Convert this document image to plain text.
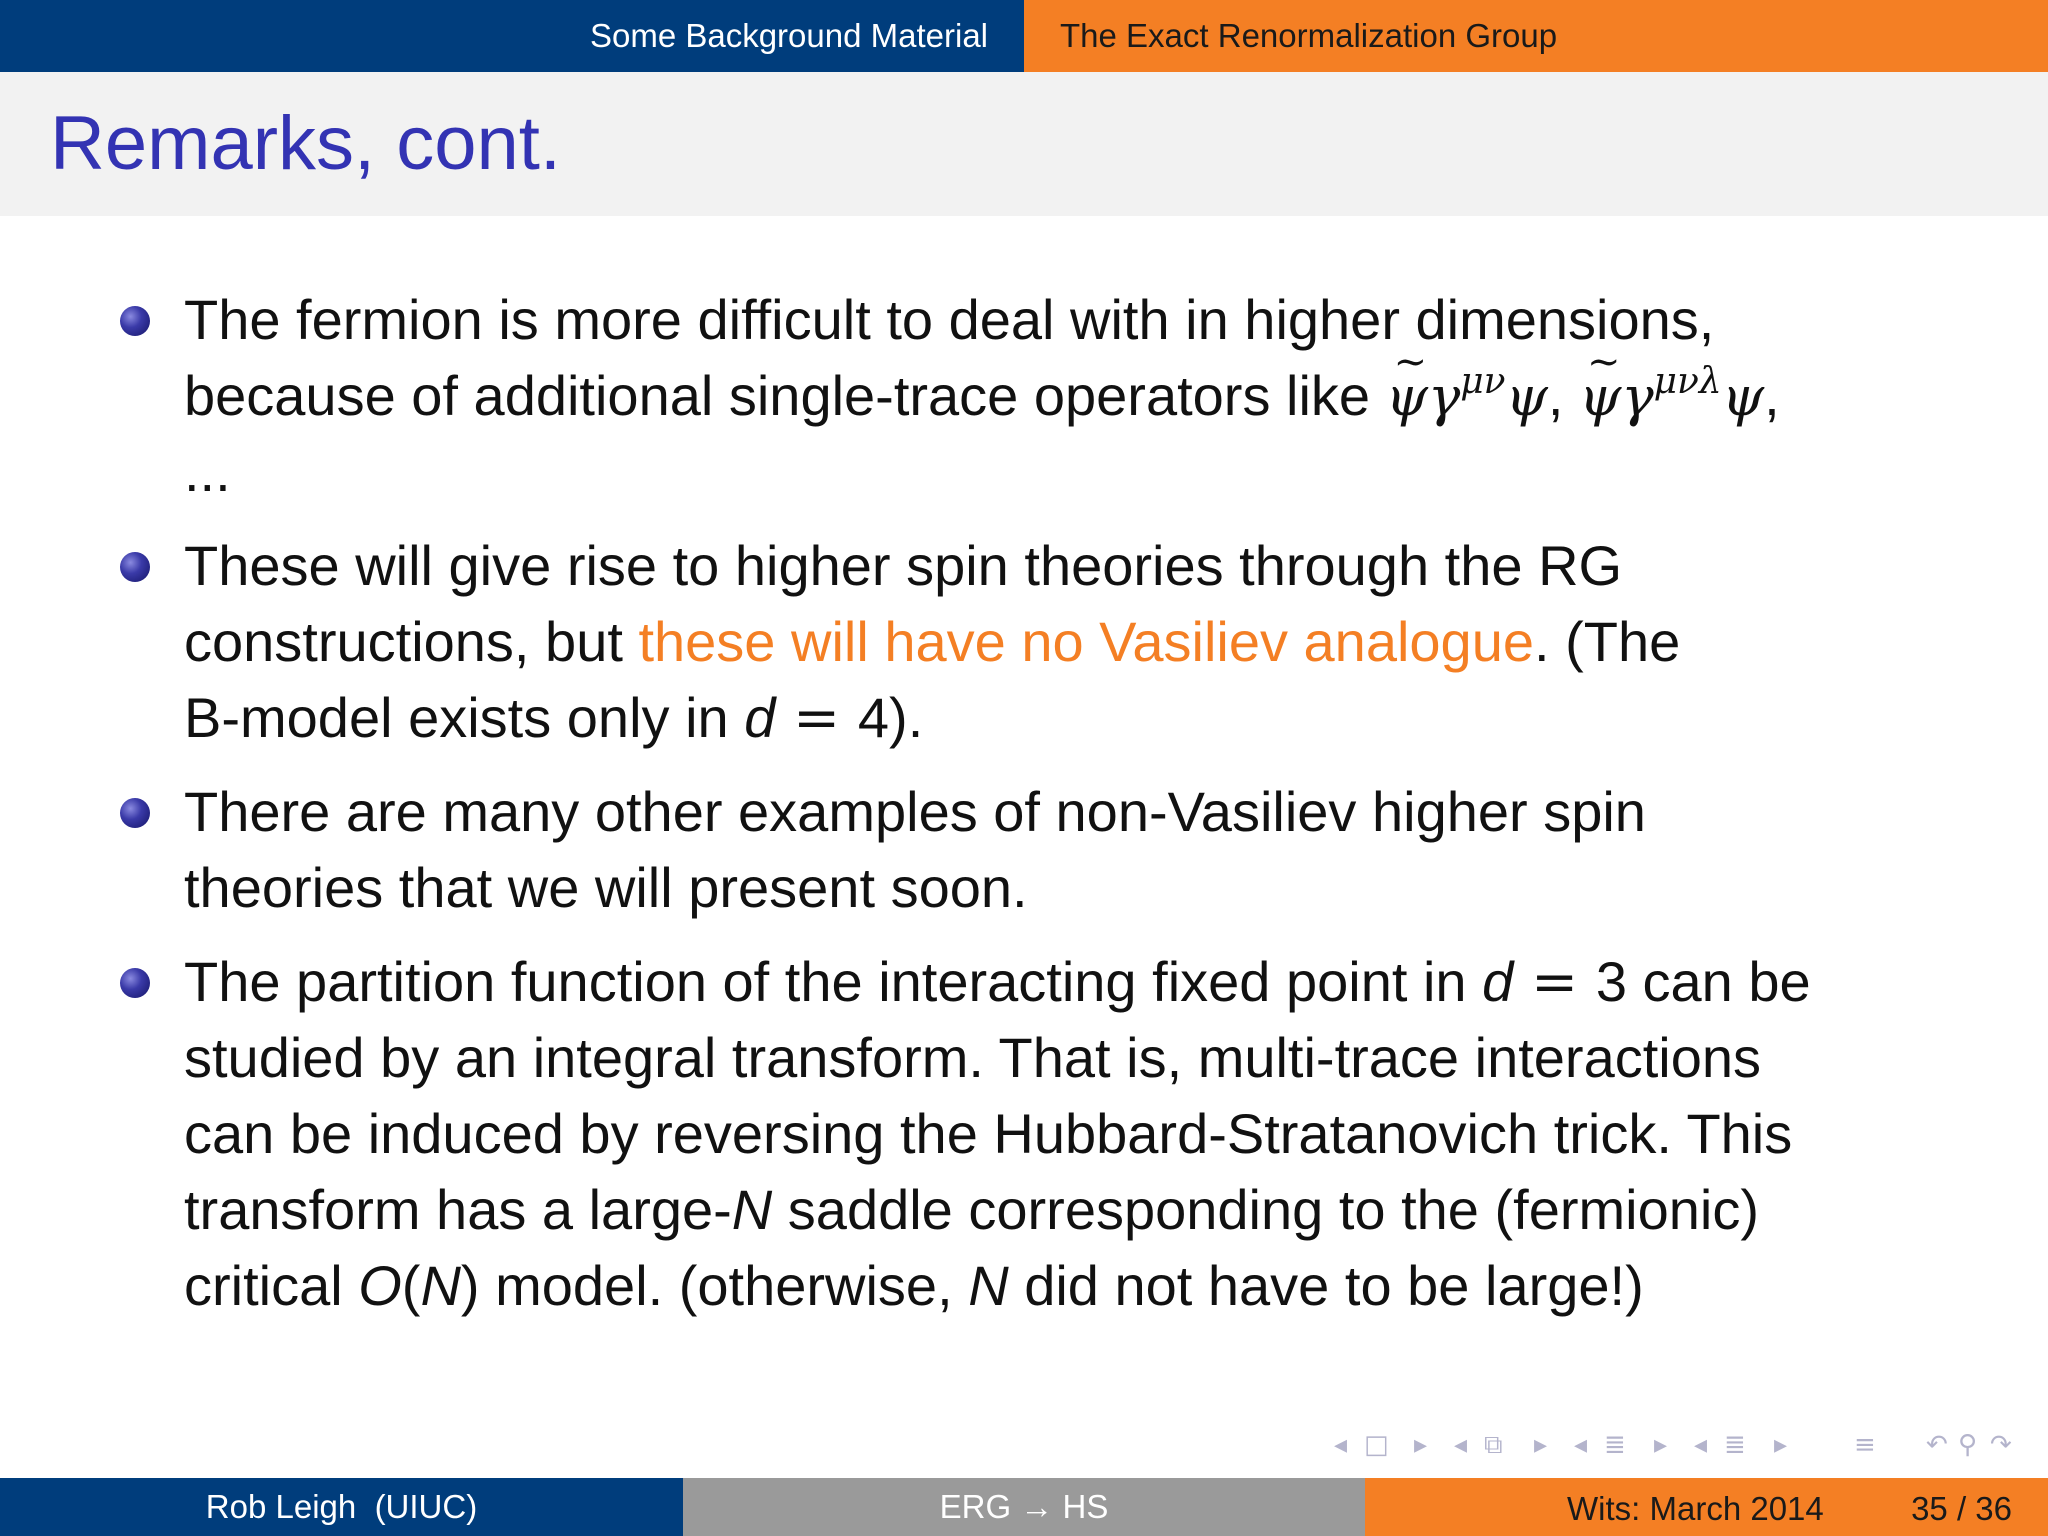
Some Background Material The Exact Renormalization Group
Remarks, cont.
The fermion is more difficult to deal with in higher dimensions,
because of additional single-trace operators like ~ $\psi\gamma^{\mu\nu}\psi$, ~ $\psi\gamma^{\mu\nu\lambda}\psi$,
...
These will give rise to higher spin theories through the RG
constructions, but these will have no Vasiliev analogue. (The
B-model exists only in d = 4).
There are many other examples of non-Vasiliev higher spin
theories that we will present soon.
The partition function of the interacting fixed point in d = 3 can be
studied by an integral transform. That is, multi-trace interactions
can be induced by reversing the Hubbard-Stratanovich trick. This
transform has a large-N saddle corresponding to the (fermionic)
critical O(N) model. (otherwise, N did not have to be large!)
◂ □ ▸ ◂ ⧉ ▸ ◂ ≣ ▸ ◂ ≣ ▸	≡ ↶ ⚲ ↷
Rob Leigh  (UIUC)	ERG → HS	Wits: March 2014	35 / 36
